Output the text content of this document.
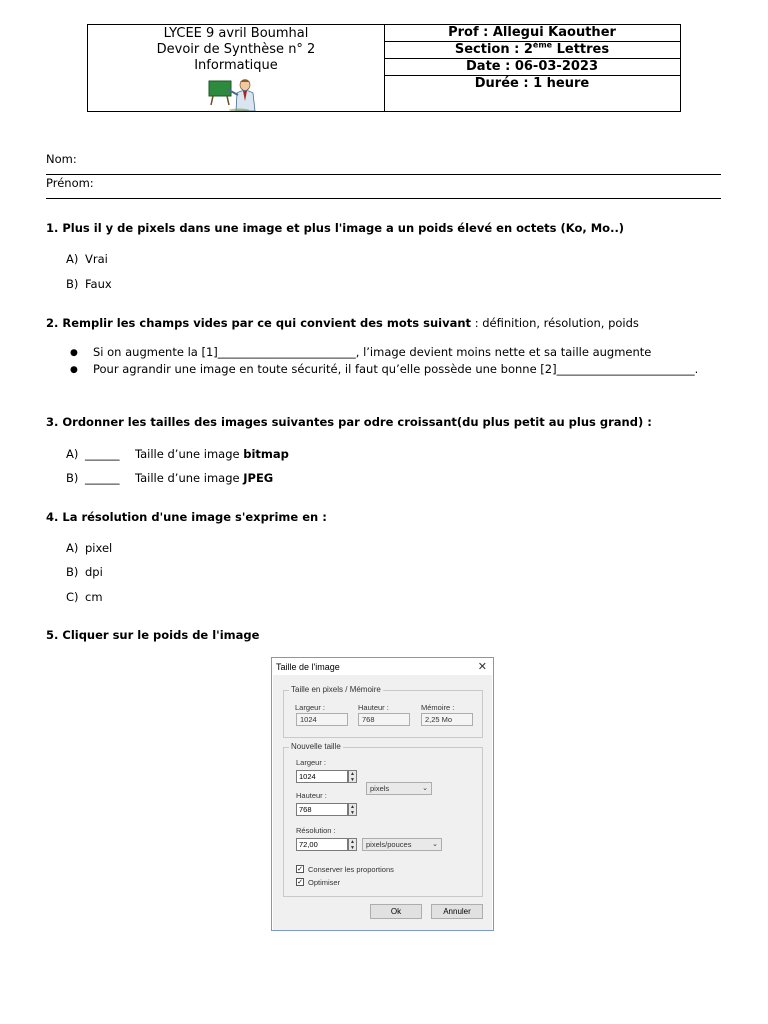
LYCEE 9 avril Boumhal
Devoir de Synthèse n° 2
Informatique
Prof : Allegui Kaouther
Section : 2ème Lettres
Date : 06-03-2023
Durée : 1 heure
Nom:
Prénom:
1. Plus il y de pixels dans une image et plus l'image a un poids élevé en octets (Ko, Mo..)
A) Vrai
B) Faux
2. Remplir les champs vides par ce qui convient des mots suivant : définition, résolution, poids
● Si on augmente la [1]________________________, l’image devient moins nette et sa taille augmente
● Pour agrandir une image en toute sécurité, il faut qu’elle possède une bonne [2]________________________.
3. Ordonner les tailles des images suivantes par odre croissant(du plus petit au plus grand) :
A) ______ Taille d’une image bitmap
B) ______ Taille d’une image JPEG
4. La résolution d'une image s'exprime en :
A) pixel
B) dpi
C) cm
5. Cliquer sur le poids de l'image
Taille de l'image	✕
Taille en pixels / Mémoire
Largeur :	Hauteur :	Mémoire :
1024	768	2,25 Mo
Nouvelle taille
Largeur :
1024	▲
▼
Hauteur :
768	▲
▼
pixels	⌄
Résolution :
72,00	▲
▼	pixels/pouces	⌄
✓ Conserver les proportions
✓ Optimiser
Ok	Annuler
